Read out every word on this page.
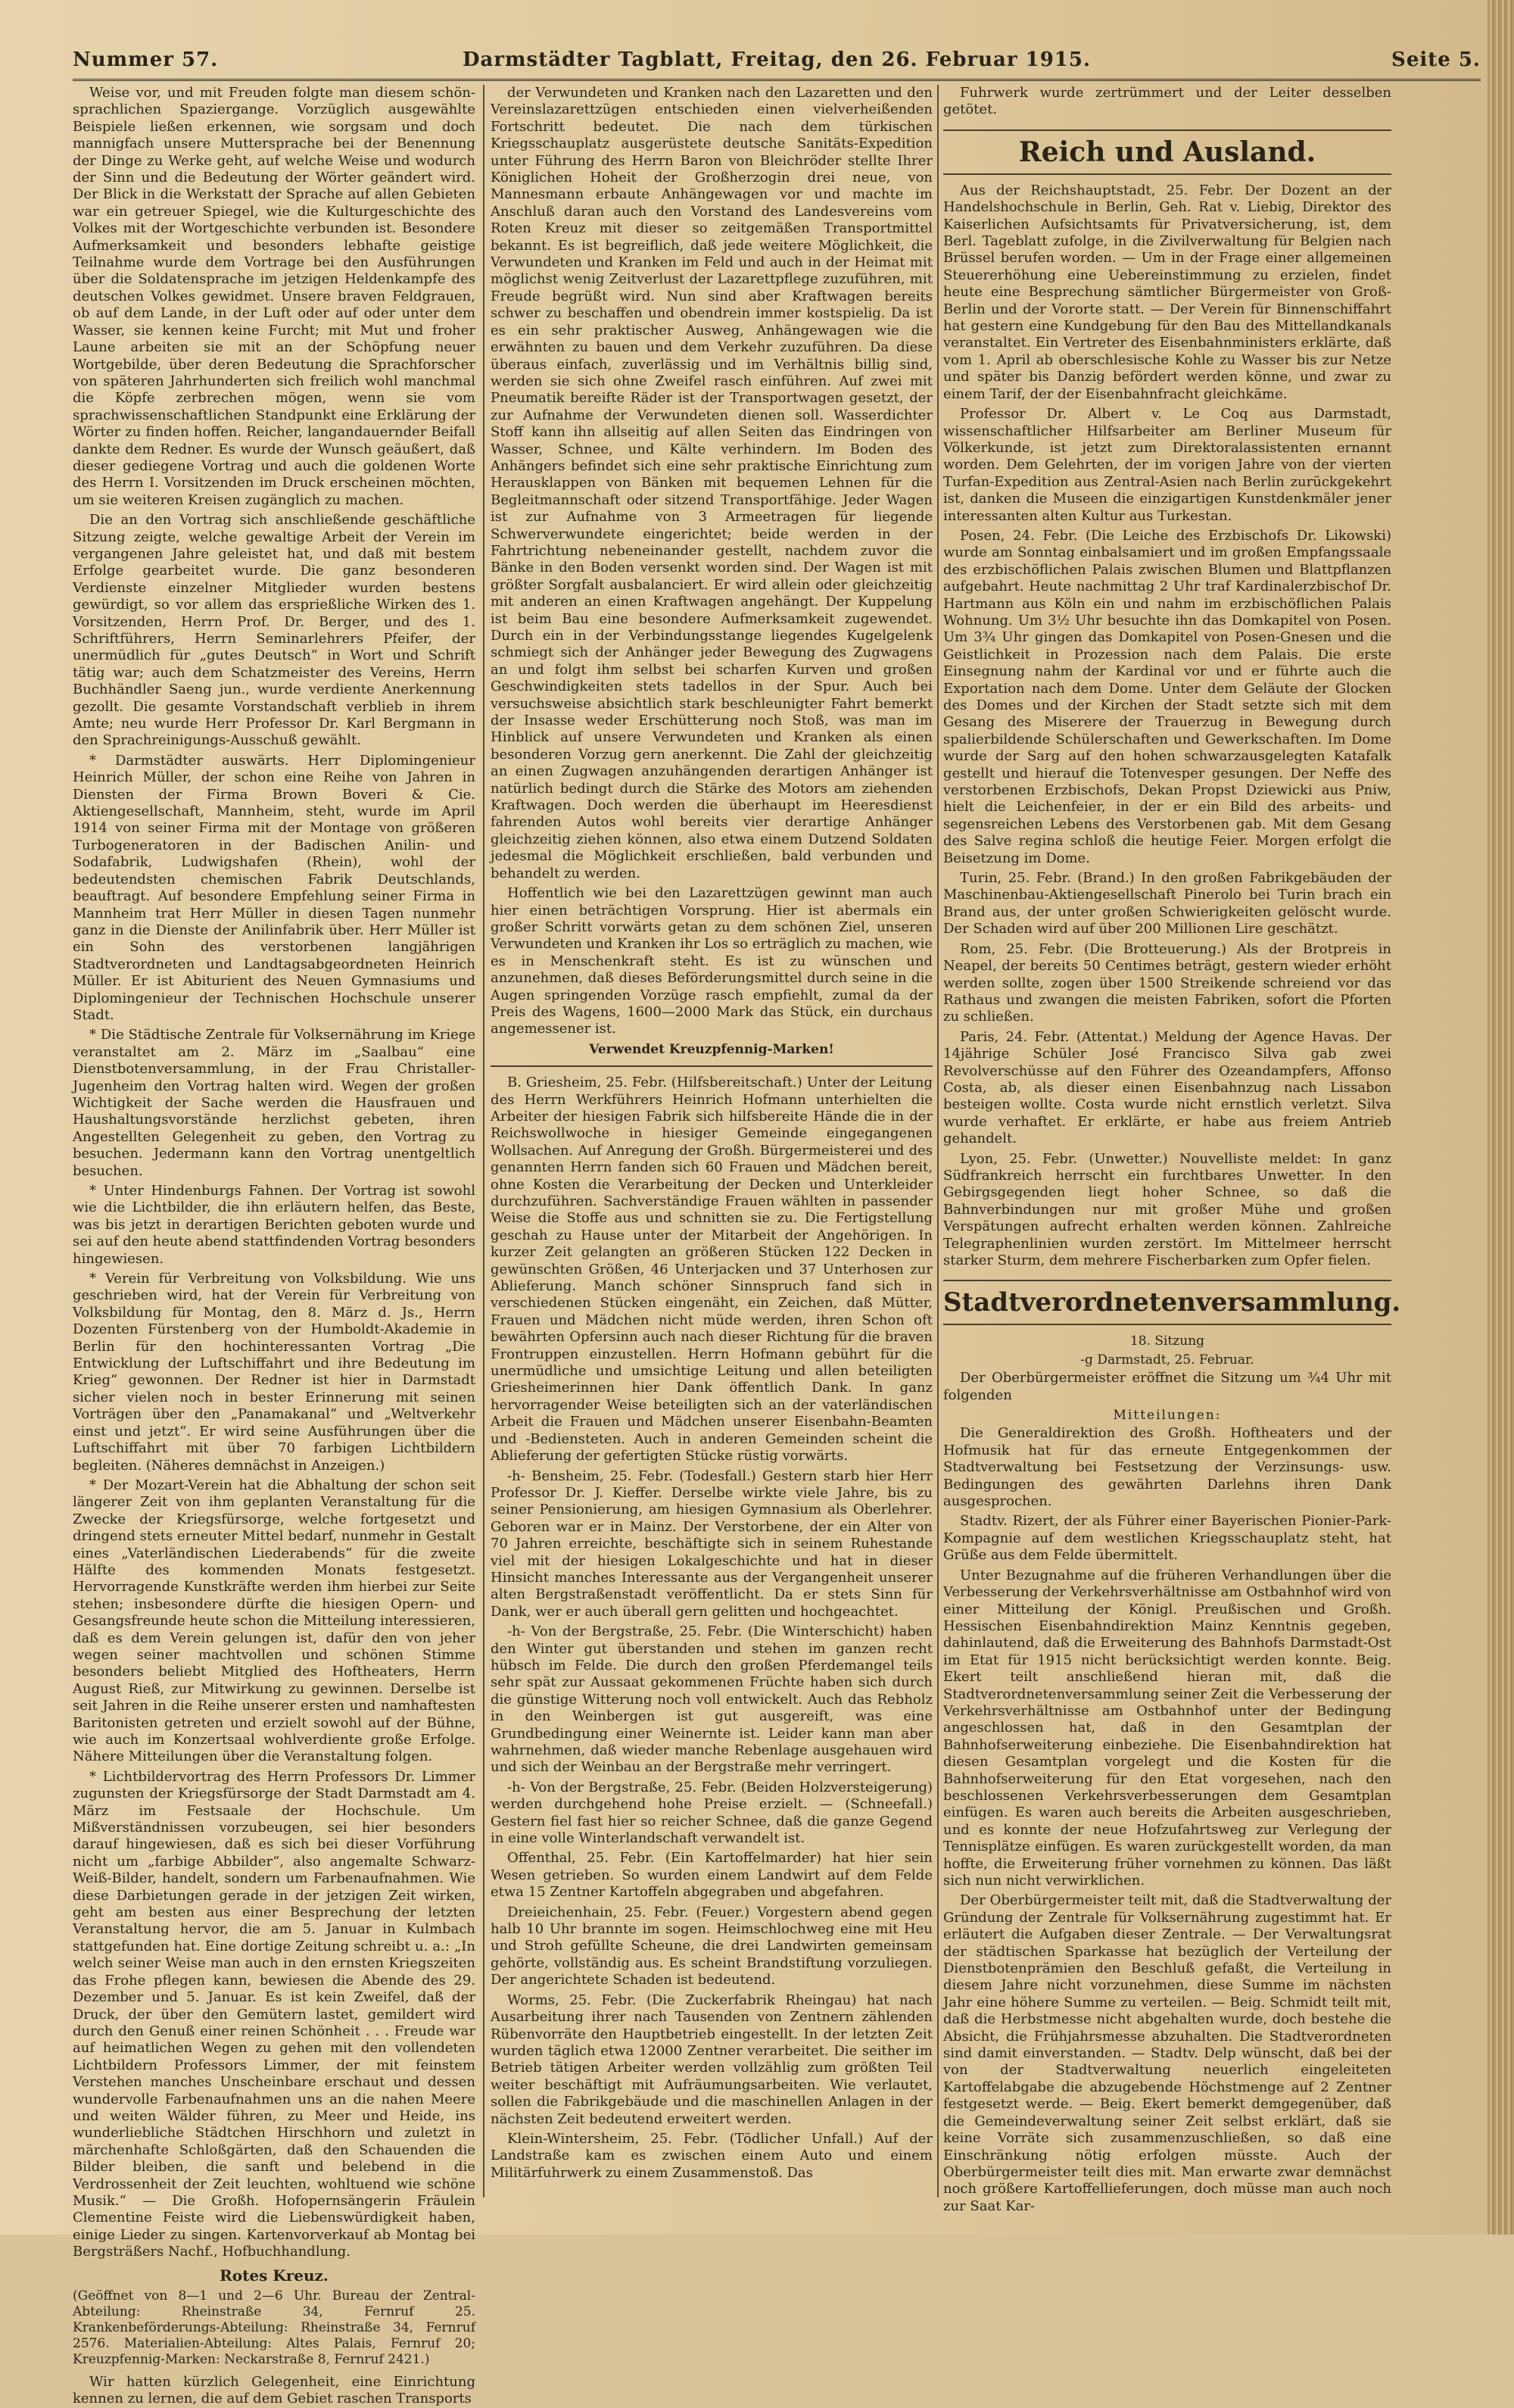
Nummer 57.	Darmstädter Tagblatt, Freitag, den 26. Februar 1915.	Seite 5.

Weise vor, und mit Freuden folgte man diesem schön-sprachlichen Spaziergange. Vorzüglich ausgewählte Beispiele ließen erkennen, wie sorgsam und doch mannigfach unsere Muttersprache bei der Benennung der Dinge zu Werke geht, auf welche Weise und wodurch der Sinn und die Bedeutung der Wörter geändert wird. Der Blick in die Werkstatt der Sprache auf allen Gebieten war ein getreuer Spiegel, wie die Kulturgeschichte des Volkes mit der Wortgeschichte verbunden ist. Besondere Aufmerksamkeit und besonders lebhafte geistige Teilnahme wurde dem Vortrage bei den Ausführungen über die Soldatensprache im jetzigen Heldenkampfe des deutschen Volkes gewidmet. Unsere braven Feldgrauen, ob auf dem Lande, in der Luft oder auf oder unter dem Wasser, sie kennen keine Furcht; mit Mut und froher Laune arbeiten sie mit an der Schöpfung neuer Wortgebilde, über deren Bedeutung die Sprachforscher von späteren Jahrhunderten sich freilich wohl manchmal die Köpfe zerbrechen mögen, wenn sie vom sprachwissenschaftlichen Standpunkt eine Erklärung der Wörter zu finden hoffen. Reicher, langandauernder Beifall dankte dem Redner. Es wurde der Wunsch geäußert, daß dieser gediegene Vortrag und auch die goldenen Worte des Herrn I. Vorsitzenden im Druck erscheinen möchten, um sie weiteren Kreisen zugänglich zu machen.

Die an den Vortrag sich anschließende geschäftliche Sitzung zeigte, welche gewaltige Arbeit der Verein im vergangenen Jahre geleistet hat, und daß mit bestem Erfolge gearbeitet wurde. Die ganz besonderen Verdienste einzelner Mitglieder wurden bestens gewürdigt, so vor allem das ersprießliche Wirken des 1. Vorsitzenden, Herrn Prof. Dr. Berger, und des 1. Schriftführers, Herrn Seminarlehrers Pfeifer, der unermüdlich für „gutes Deutsch“ in Wort und Schrift tätig war; auch dem Schatzmeister des Vereins, Herrn Buchhändler Saeng jun., wurde verdiente Anerkennung gezollt. Die gesamte Vorstandschaft verblieb in ihrem Amte; neu wurde Herr Professor Dr. Karl Bergmann in den Sprachreinigungs-Ausschuß gewählt.

* Darmstädter auswärts. Herr Diplomingenieur Heinrich Müller, der schon eine Reihe von Jahren in Diensten der Firma Brown Boveri & Cie. Aktiengesellschaft, Mannheim, steht, wurde im April 1914 von seiner Firma mit der Montage von größeren Turbogeneratoren in der Badischen Anilin- und Sodafabrik, Ludwigshafen (Rhein), wohl der bedeutendsten chemischen Fabrik Deutschlands, beauftragt. Auf besondere Empfehlung seiner Firma in Mannheim trat Herr Müller in diesen Tagen nunmehr ganz in die Dienste der Anilinfabrik über. Herr Müller ist ein Sohn des verstorbenen langjährigen Stadtverordneten und Landtagsabgeordneten Heinrich Müller. Er ist Abiturient des Neuen Gymnasiums und Diplomingenieur der Technischen Hochschule unserer Stadt.

* Die Städtische Zentrale für Volksernährung im Kriege veranstaltet am 2. März im „Saalbau“ eine Dienstbotenversammlung, in der Frau Christaller-Jugenheim den Vortrag halten wird. Wegen der großen Wichtigkeit der Sache werden die Hausfrauen und Haushaltungsvorstände herzlichst gebeten, ihren Angestellten Gelegenheit zu geben, den Vortrag zu besuchen. Jedermann kann den Vortrag unentgeltlich besuchen.

* Unter Hindenburgs Fahnen. Der Vortrag ist sowohl wie die Lichtbilder, die ihn erläutern helfen, das Beste, was bis jetzt in derartigen Berichten geboten wurde und sei auf den heute abend stattfindenden Vortrag besonders hingewiesen.

* Verein für Verbreitung von Volksbildung. Wie uns geschrieben wird, hat der Verein für Verbreitung von Volksbildung für Montag, den 8. März d. Js., Herrn Dozenten Fürstenberg von der Humboldt-Akademie in Berlin für den hochinteressanten Vortrag „Die Entwicklung der Luftschiffahrt und ihre Bedeutung im Krieg“ gewonnen. Der Redner ist hier in Darmstadt sicher vielen noch in bester Erinnerung mit seinen Vorträgen über den „Panamakanal“ und „Weltverkehr einst und jetzt“. Er wird seine Ausführungen über die Luftschiffahrt mit über 70 farbigen Lichtbildern begleiten. (Näheres demnächst in Anzeigen.)

* Der Mozart-Verein hat die Abhaltung der schon seit längerer Zeit von ihm geplanten Veranstaltung für die Zwecke der Kriegsfürsorge, welche fortgesetzt und dringend stets erneuter Mittel bedarf, nunmehr in Gestalt eines „Vaterländischen Liederabends“ für die zweite Hälfte des kommenden Monats festgesetzt. Hervorragende Kunstkräfte werden ihm hierbei zur Seite stehen; insbesondere dürfte die hiesigen Opern- und Gesangsfreunde heute schon die Mitteilung interessieren, daß es dem Verein gelungen ist, dafür den von jeher wegen seiner machtvollen und schönen Stimme besonders beliebt Mitglied des Hoftheaters, Herrn August Rieß, zur Mitwirkung zu gewinnen. Derselbe ist seit Jahren in die Reihe unserer ersten und namhaftesten Baritonisten getreten und erzielt sowohl auf der Bühne, wie auch im Konzertsaal wohlverdiente große Erfolge. Nähere Mitteilungen über die Veranstaltung folgen.

* Lichtbildervortrag des Herrn Professors Dr. Limmer zugunsten der Kriegsfürsorge der Stadt Darmstadt am 4. März im Festsaale der Hochschule. Um Mißverständnissen vorzubeugen, sei hier besonders darauf hingewiesen, daß es sich bei dieser Vorführung nicht um „farbige Abbilder“, also angemalte Schwarz-Weiß-Bilder, handelt, sondern um Farbenaufnahmen. Wie diese Darbietungen gerade in der jetzigen Zeit wirken, geht am besten aus einer Besprechung der letzten Veranstaltung hervor, die am 5. Januar in Kulmbach stattgefunden hat. Eine dortige Zeitung schreibt u. a.: „In welch seiner Weise man auch in den ernsten Kriegszeiten das Frohe pflegen kann, bewiesen die Abende des 29. Dezember und 5. Januar. Es ist kein Zweifel, daß der Druck, der über den Gemütern lastet, gemildert wird durch den Genuß einer reinen Schönheit . . . Freude war auf heimatlichen Wegen zu gehen mit den vollendeten Lichtbildern Professors Limmer, der mit feinstem Verstehen manches Unscheinbare erschaut und dessen wundervolle Farbenaufnahmen uns an die nahen Meere und weiten Wälder führen, zu Meer und Heide, ins wunderliebliche Städtchen Hirschhorn und zuletzt in märchenhafte Schloßgärten, daß den Schauenden die Bilder bleiben, die sanft und belebend in die Verdrossenheit der Zeit leuchten, wohltuend wie schöne Musik.“ — Die Großh. Hofopernsängerin Fräulein Clementine Feiste wird die Liebenswürdigkeit haben, einige Lieder zu singen. Kartenvorverkauf ab Montag bei Bergsträßers Nachf., Hofbuchhandlung.

Rotes Kreuz.
(Geöffnet von 8—1 und 2—6 Uhr. Bureau der Zentral-Abteilung: Rheinstraße 34, Fernruf 25. Krankenbeförderungs-Abteilung: Rheinstraße 34, Fernruf 2576. Materialien-Abteilung: Altes Palais, Fernruf 20; Kreuzpfennig-Marken: Neckarstraße 8, Fernruf 2421.)

Wir hatten kürzlich Gelegenheit, eine Einrichtung kennen zu lernen, die auf dem Gebiet raschen Transports

der Verwundeten und Kranken nach den Lazaretten und den Vereinslazarettzügen entschieden einen vielverheißenden Fortschritt bedeutet. Die nach dem türkischen Kriegsschauplatz ausgerüstete deutsche Sanitäts-Expedition unter Führung des Herrn Baron von Bleichröder stellte Ihrer Königlichen Hoheit der Großherzogin drei neue, von Mannesmann erbaute Anhängewagen vor und machte im Anschluß daran auch den Vorstand des Landesvereins vom Roten Kreuz mit dieser so zeitgemäßen Transportmittel bekannt. Es ist begreiflich, daß jede weitere Möglichkeit, die Verwundeten und Kranken im Feld und auch in der Heimat mit möglichst wenig Zeitverlust der Lazarettpflege zuzuführen, mit Freude begrüßt wird. Nun sind aber Kraftwagen bereits schwer zu beschaffen und obendrein immer kostspielig. Da ist es ein sehr praktischer Ausweg, Anhängewagen wie die erwähnten zu bauen und dem Verkehr zuzuführen. Da diese überaus einfach, zuverlässig und im Verhältnis billig sind, werden sie sich ohne Zweifel rasch einführen. Auf zwei mit Pneumatik bereifte Räder ist der Transportwagen gesetzt, der zur Aufnahme der Verwundeten dienen soll. Wasserdichter Stoff kann ihn allseitig auf allen Seiten das Eindringen von Wasser, Schnee, und Kälte verhindern. Im Boden des Anhängers befindet sich eine sehr praktische Einrichtung zum Herausklappen von Bänken mit bequemen Lehnen für die Begleitmannschaft oder sitzend Transportfähige. Jeder Wagen ist zur Aufnahme von 3 Armeetragen für liegende Schwerverwundete eingerichtet; beide werden in der Fahrtrichtung nebeneinander gestellt, nachdem zuvor die Bänke in den Boden versenkt worden sind. Der Wagen ist mit größter Sorgfalt ausbalanciert. Er wird allein oder gleichzeitig mit anderen an einen Kraftwagen angehängt. Der Kuppelung ist beim Bau eine besondere Aufmerksamkeit zugewendet. Durch ein in der Verbindungsstange liegendes Kugelgelenk schmiegt sich der Anhänger jeder Bewegung des Zugwagens an und folgt ihm selbst bei scharfen Kurven und großen Geschwindigkeiten stets tadellos in der Spur. Auch bei versuchsweise absichtlich stark beschleunigter Fahrt bemerkt der Insasse weder Erschütterung noch Stoß, was man im Hinblick auf unsere Verwundeten und Kranken als einen besonderen Vorzug gern anerkennt. Die Zahl der gleichzeitig an einen Zugwagen anzuhängenden derartigen Anhänger ist natürlich bedingt durch die Stärke des Motors am ziehenden Kraftwagen. Doch werden die überhaupt im Heeresdienst fahrenden Autos wohl bereits vier derartige Anhänger gleichzeitig ziehen können, also etwa einem Dutzend Soldaten jedesmal die Möglichkeit erschließen, bald verbunden und behandelt zu werden.

Hoffentlich wie bei den Lazarettzügen gewinnt man auch hier einen beträchtigen Vorsprung. Hier ist abermals ein großer Schritt vorwärts getan zu dem schönen Ziel, unseren Verwundeten und Kranken ihr Los so erträglich zu machen, wie es in Menschenkraft steht. Es ist zu wünschen und anzunehmen, daß dieses Beförderungsmittel durch seine in die Augen springenden Vorzüge rasch empfiehlt, zumal da der Preis des Wagens, 1600—2000 Mark das Stück, ein durchaus angemessener ist.

Verwendet Kreuzpfennig-Marken!

B. Griesheim, 25. Febr. (Hilfsbereitschaft.) Unter der Leitung des Herrn Werkführers Heinrich Hofmann unterhielten die Arbeiter der hiesigen Fabrik sich hilfsbereite Hände die in der Reichswollwoche in hiesiger Gemeinde eingegangenen Wollsachen. Auf Anregung der Großh. Bürgermeisterei und des genannten Herrn fanden sich 60 Frauen und Mädchen bereit, ohne Kosten die Verarbeitung der Decken und Unterkleider durchzuführen. Sachverständige Frauen wählten in passender Weise die Stoffe aus und schnitten sie zu. Die Fertigstellung geschah zu Hause unter der Mitarbeit der Angehörigen. In kurzer Zeit gelangten an größeren Stücken 122 Decken in gewünschten Größen, 46 Unterjacken und 37 Unterhosen zur Ablieferung. Manch schöner Sinnspruch fand sich in verschiedenen Stücken eingenäht, ein Zeichen, daß Mütter, Frauen und Mädchen nicht müde werden, ihren Schon oft bewährten Opfersinn auch nach dieser Richtung für die braven Frontruppen einzustellen. Herrn Hofmann gebührt für die unermüdliche und umsichtige Leitung und allen beteiligten Griesheimerinnen hier Dank öffentlich Dank. In ganz hervorragender Weise beteiligten sich an der vaterländischen Arbeit die Frauen und Mädchen unserer Eisenbahn-Beamten und -Bediensteten. Auch in anderen Gemeinden scheint die Ablieferung der gefertigten Stücke rüstig vorwärts.

-h- Bensheim, 25. Febr. (Todesfall.) Gestern starb hier Herr Professor Dr. J. Kieffer. Derselbe wirkte viele Jahre, bis zu seiner Pensionierung, am hiesigen Gymnasium als Oberlehrer. Geboren war er in Mainz. Der Verstorbene, der ein Alter von 70 Jahren erreichte, beschäftigte sich in seinem Ruhestande viel mit der hiesigen Lokalgeschichte und hat in dieser Hinsicht manches Interessante aus der Vergangenheit unserer alten Bergstraßenstadt veröffentlicht. Da er stets Sinn für Dank, wer er auch überall gern gelitten und hochgeachtet.

-h- Von der Bergstraße, 25. Febr. (Die Winterschicht) haben den Winter gut überstanden und stehen im ganzen recht hübsch im Felde. Die durch den großen Pferdemangel teils sehr spät zur Aussaat gekommenen Früchte haben sich durch die günstige Witterung noch voll entwickelt. Auch das Rebholz in den Weinbergen ist gut ausgereift, was eine Grundbedingung einer Weinernte ist. Leider kann man aber wahrnehmen, daß wieder manche Rebenlage ausgehauen wird und sich der Weinbau an der Bergstraße mehr verringert.

-h- Von der Bergstraße, 25. Febr. (Beiden Holzversteigerung) werden durchgehend hohe Preise erzielt. — (Schneefall.) Gestern fiel fast hier so reicher Schnee, daß die ganze Gegend in eine volle Winterlandschaft verwandelt ist.

Offenthal, 25. Febr. (Ein Kartoffelmarder) hat hier sein Wesen getrieben. So wurden einem Landwirt auf dem Felde etwa 15 Zentner Kartoffeln abgegraben und abgefahren.

Dreieichenhain, 25. Febr. (Feuer.) Vorgestern abend gegen halb 10 Uhr brannte im sogen. Heimschlochweg eine mit Heu und Stroh gefüllte Scheune, die drei Landwirten gemeinsam gehörte, vollständig aus. Es scheint Brandstiftung vorzuliegen. Der angerichtete Schaden ist bedeutend.

Worms, 25. Febr. (Die Zuckerfabrik Rheingau) hat nach Ausarbeitung ihrer nach Tausenden von Zentnern zählenden Rübenvorräte den Hauptbetrieb eingestellt. In der letzten Zeit wurden täglich etwa 12000 Zentner verarbeitet. Die seither im Betrieb tätigen Arbeiter werden vollzählig zum größten Teil weiter beschäftigt mit Aufräumungsarbeiten. Wie verlautet, sollen die Fabrikgebäude und die maschinellen Anlagen in der nächsten Zeit bedeutend erweitert werden.

Klein-Wintersheim, 25. Febr. (Tödlicher Unfall.) Auf der Landstraße kam es zwischen einem Auto und einem Militärfuhrwerk zu einem Zusammenstoß. Das

Fuhrwerk wurde zertrümmert und der Leiter desselben getötet.

Reich und Ausland.

Aus der Reichshauptstadt, 25. Febr. Der Dozent an der Handelshochschule in Berlin, Geh. Rat v. Liebig, Direktor des Kaiserlichen Aufsichtsamts für Privatversicherung, ist, dem Berl. Tageblatt zufolge, in die Zivilverwaltung für Belgien nach Brüssel berufen worden. — Um in der Frage einer allgemeinen Steuererhöhung eine Uebereinstimmung zu erzielen, findet heute eine Besprechung sämtlicher Bürgermeister von Groß-Berlin und der Vororte statt. — Der Verein für Binnenschiffahrt hat gestern eine Kundgebung für den Bau des Mittellandkanals veranstaltet. Ein Vertreter des Eisenbahnministers erklärte, daß vom 1. April ab oberschlesische Kohle zu Wasser bis zur Netze und später bis Danzig befördert werden könne, und zwar zu einem Tarif, der der Eisenbahnfracht gleichkäme.

Professor Dr. Albert v. Le Coq aus Darmstadt, wissenschaftlicher Hilfsarbeiter am Berliner Museum für Völkerkunde, ist jetzt zum Direktoralassistenten ernannt worden. Dem Gelehrten, der im vorigen Jahre von der vierten Turfan-Expedition aus Zentral-Asien nach Berlin zurückgekehrt ist, danken die Museen die einzigartigen Kunstdenkmäler jener interessanten alten Kultur aus Turkestan.

Posen, 24. Febr. (Die Leiche des Erzbischofs Dr. Likowski) wurde am Sonntag einbalsamiert und im großen Empfangssaale des erzbischöflichen Palais zwischen Blumen und Blattpflanzen aufgebahrt. Heute nachmittag 2 Uhr traf Kardinalerzbischof Dr. Hartmann aus Köln ein und nahm im erzbischöflichen Palais Wohnung. Um 3½ Uhr besuchte ihn das Domkapitel von Posen. Um 3¾ Uhr gingen das Domkapitel von Posen-Gnesen und die Geistlichkeit in Prozession nach dem Palais. Die erste Einsegnung nahm der Kardinal vor und er führte auch die Exportation nach dem Dome. Unter dem Geläute der Glocken des Domes und der Kirchen der Stadt setzte sich mit dem Gesang des Miserere der Trauerzug in Bewegung durch spalierbildende Schülerschaften und Gewerkschaften. Im Dome wurde der Sarg auf den hohen schwarzausgelegten Katafalk gestellt und hierauf die Totenvesper gesungen. Der Neffe des verstorbenen Erzbischofs, Dekan Propst Dziewicki aus Pniw, hielt die Leichenfeier, in der er ein Bild des arbeits- und segensreichen Lebens des Verstorbenen gab. Mit dem Gesang des Salve regina schloß die heutige Feier. Morgen erfolgt die Beisetzung im Dome.

Turin, 25. Febr. (Brand.) In den großen Fabrikgebäuden der Maschinenbau-Aktiengesellschaft Pinerolo bei Turin brach ein Brand aus, der unter großen Schwierigkeiten gelöscht wurde. Der Schaden wird auf über 200 Millionen Lire geschätzt.

Rom, 25. Febr. (Die Brotteuerung.) Als der Brotpreis in Neapel, der bereits 50 Centimes beträgt, gestern wieder erhöht werden sollte, zogen über 1500 Streikende schreiend vor das Rathaus und zwangen die meisten Fabriken, sofort die Pforten zu schließen.

Paris, 24. Febr. (Attentat.) Meldung der Agence Havas. Der 14jährige Schüler José Francisco Silva gab zwei Revolverschüsse auf den Führer des Ozeandampfers, Affonso Costa, ab, als dieser einen Eisenbahnzug nach Lissabon besteigen wollte. Costa wurde nicht ernstlich verletzt. Silva wurde verhaftet. Er erklärte, er habe aus freiem Antrieb gehandelt.

Lyon, 25. Febr. (Unwetter.) Nouvelliste meldet: In ganz Südfrankreich herrscht ein furchtbares Unwetter. In den Gebirgsgegenden liegt hoher Schnee, so daß die Bahnverbindungen nur mit großer Mühe und großen Verspätungen aufrecht erhalten werden können. Zahlreiche Telegraphenlinien wurden zerstört. Im Mittelmeer herrscht starker Sturm, dem mehrere Fischerbarken zum Opfer fielen.

Stadtverordnetenversammlung.
18. Sitzung
-g Darmstadt, 25. Februar.

Der Oberbürgermeister eröffnet die Sitzung um ¾4 Uhr mit folgenden

Mitteilungen:

Die Generaldirektion des Großh. Hoftheaters und der Hofmusik hat für das erneute Entgegenkommen der Stadtverwaltung bei Festsetzung der Verzinsungs- usw. Bedingungen des gewährten Darlehns ihren Dank ausgesprochen.

Stadtv. Rizert, der als Führer einer Bayerischen Pionier-Park-Kompagnie auf dem westlichen Kriegsschauplatz steht, hat Grüße aus dem Felde übermittelt.

Unter Bezugnahme auf die früheren Verhandlungen über die Verbesserung der Verkehrsverhältnisse am Ostbahnhof wird von einer Mitteilung der Königl. Preußischen und Großh. Hessischen Eisenbahndirektion Mainz Kenntnis gegeben, dahinlautend, daß die Erweiterung des Bahnhofs Darmstadt-Ost im Etat für 1915 nicht berücksichtigt werden konnte. Beig. Ekert teilt anschließend hieran mit, daß die Stadtverordnetenversammlung seiner Zeit die Verbesserung der Verkehrsverhältnisse am Ostbahnhof unter der Bedingung angeschlossen hat, daß in den Gesamtplan der Bahnhofserweiterung einbeziehe. Die Eisenbahndirektion hat diesen Gesamtplan vorgelegt und die Kosten für die Bahnhofserweiterung für den Etat vorgesehen, nach den beschlossenen Verkehrsverbesserungen dem Gesamtplan einfügen. Es waren auch bereits die Arbeiten ausgeschrieben, und es konnte der neue Hofzufahrtsweg zur Verlegung der Tennisplätze einfügen. Es waren zurückgestellt worden, da man hoffte, die Erweiterung früher vornehmen zu können. Das läßt sich nun nicht verwirklichen.

Der Oberbürgermeister teilt mit, daß die Stadtverwaltung der Gründung der Zentrale für Volksernährung zugestimmt hat. Er erläutert die Aufgaben dieser Zentrale. — Der Verwaltungsrat der städtischen Sparkasse hat bezüglich der Verteilung der Dienstbotenprämien den Beschluß gefaßt, die Verteilung in diesem Jahre nicht vorzunehmen, diese Summe im nächsten Jahr eine höhere Summe zu verteilen. — Beig. Schmidt teilt mit, daß die Herbstmesse nicht abgehalten wurde, doch bestehe die Absicht, die Frühjahrsmesse abzuhalten. Die Stadtverordneten sind damit einverstanden. — Stadtv. Delp wünscht, daß bei der von der Stadtverwaltung neuerlich eingeleiteten Kartoffelabgabe die abzugebende Höchstmenge auf 2 Zentner festgesetzt werde. — Beig. Ekert bemerkt demgegenüber, daß die Gemeindeverwaltung seiner Zeit selbst erklärt, daß sie keine Vorräte sich zusammenzuschließen, so daß eine Einschränkung nötig erfolgen müsste. Auch der Oberbürgermeister teilt dies mit. Man erwarte zwar demnächst noch größere Kartoffellieferungen, doch müsse man auch noch zur Saat Kar-
